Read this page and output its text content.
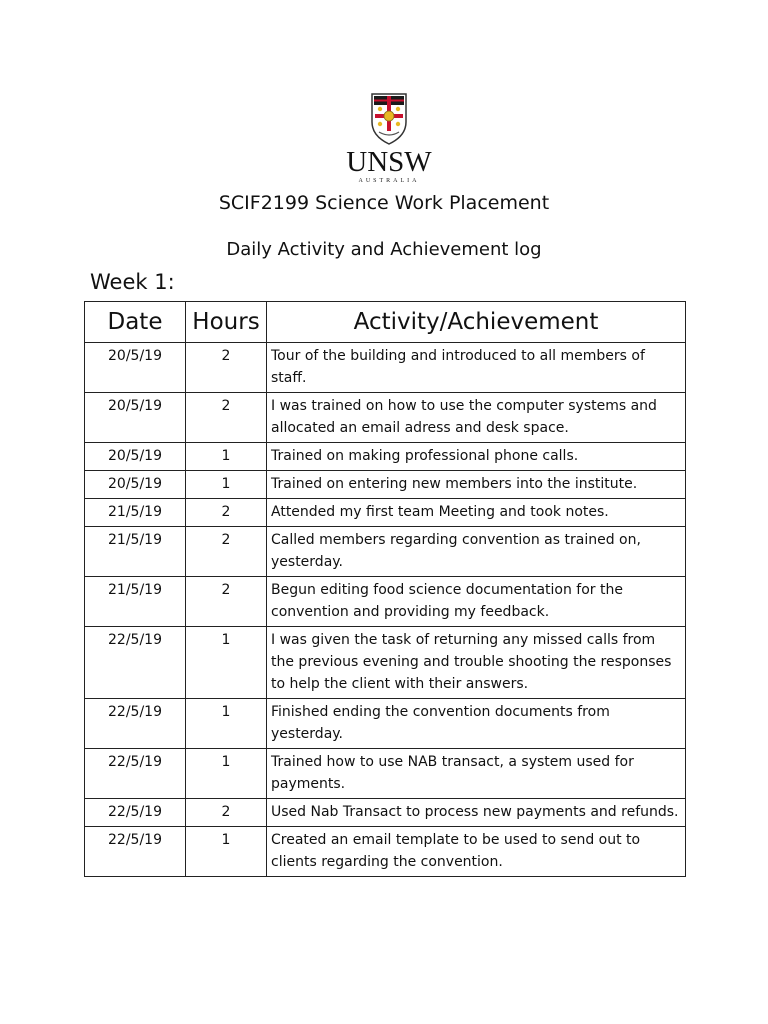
UNSW
AUSTRALIA
SCIF2199 Science Work Placement
Daily Activity and Achievement log
Week 1:
Date	Hours	Activity/Achievement
20/5/19	2	Tour of the building and introduced to all members of staff.
20/5/19	2	I was trained on how to use the computer systems and allocated an email adress and desk space.
20/5/19	1	Trained on making professional phone calls.
20/5/19	1	Trained on entering new members into the institute.
21/5/19	2	Attended my first team Meeting and took notes.
21/5/19	2	Called members regarding convention as trained on, yesterday.
21/5/19	2	Begun editing food science documentation for the convention and providing my feedback.
22/5/19	1	I was given the task of returning any missed calls from the previous evening and trouble shooting the responses to help the client with their answers.
22/5/19	1	Finished ending the convention documents from yesterday.
22/5/19	1	Trained how to use NAB transact, a system used for payments.
22/5/19	2	Used Nab Transact to process new payments and refunds.
22/5/19	1	Created an email template to be used to send out to clients regarding the convention.
